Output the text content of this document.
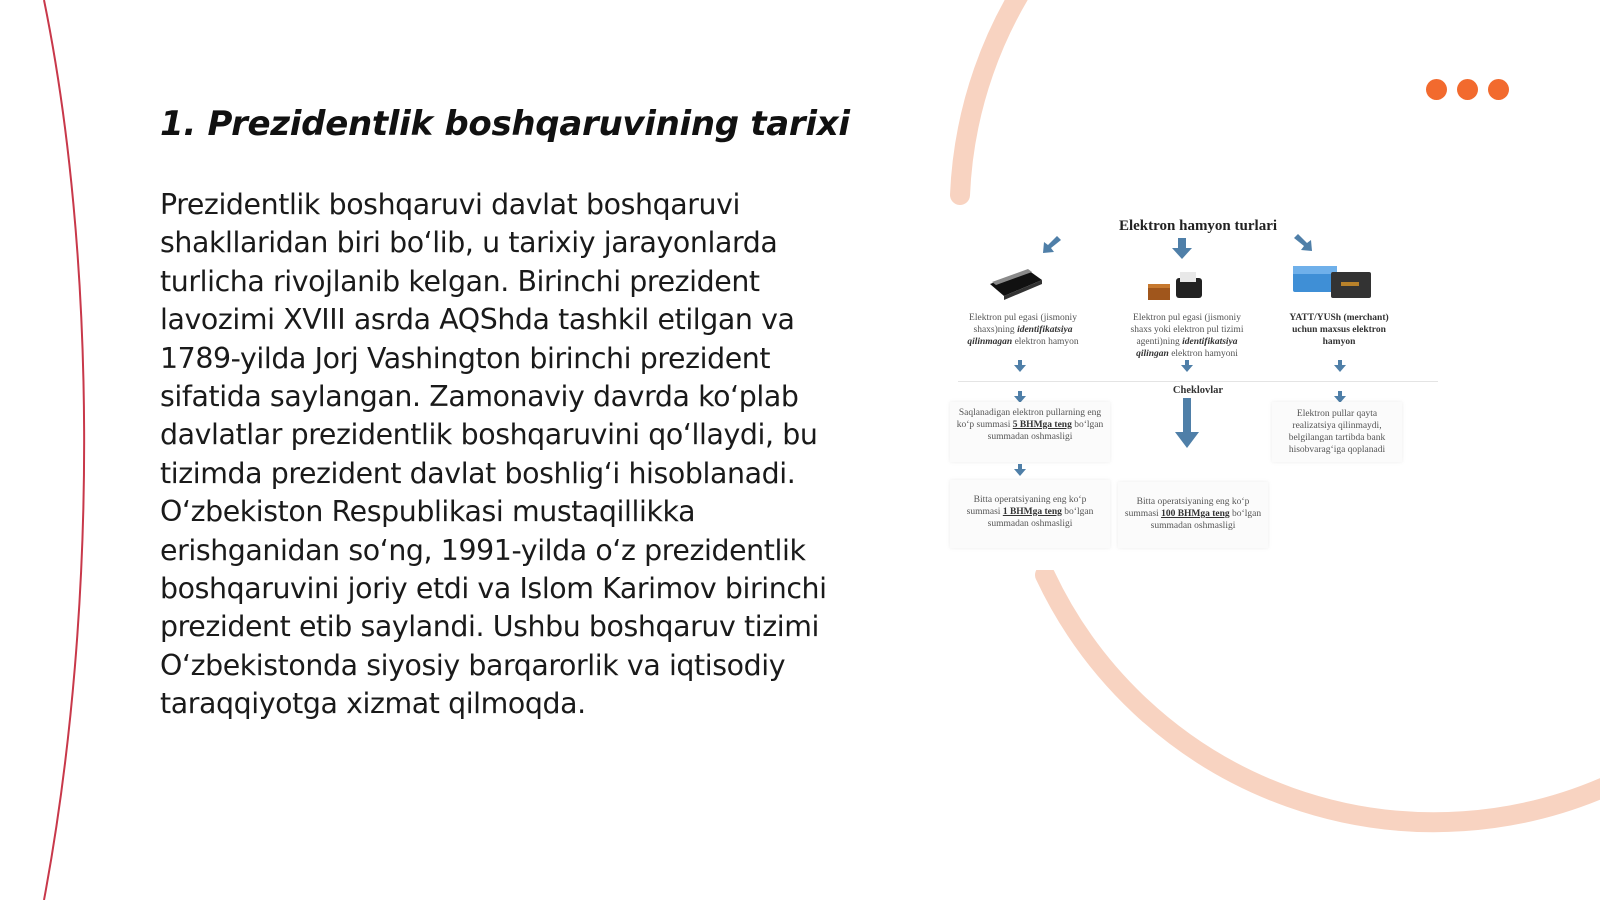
1. Prezidentlik boshqaruvining tarixi

Prezidentlik boshqaruvi davlat boshqaruvi shakllaridan biri bo‘lib, u tarixiy jarayonlarda turlicha rivojlanib kelgan. Birinchi prezident lavozimi XVIII asrda AQShda tashkil etilgan va 1789-yilda Jorj Vashington birinchi prezident sifatida saylangan. Zamonaviy davrda ko‘plab davlatlar prezidentlik boshqaruvini qo‘llaydi, bu tizimda prezident davlat boshlig‘i hisoblanadi. O‘zbekiston Respublikasi mustaqillikka erishganidan so‘ng, 1991-yilda o‘z prezidentlik boshqaruvini joriy etdi va Islom Karimov birinchi prezident etib saylandi. Ushbu boshqaruv tizimi O‘zbekistonda siyosiy barqarorlik va iqtisodiy taraqqiyotga xizmat qilmoqda.

Elektron hamyon turlari
Elektron pul egasi (jismoniy shaxs)ning identifikatsiya qilinmagan elektron hamyon
Elektron pul egasi (jismoniy shaxs yoki elektron pul tizimi agenti)ning identifikatsiya qilingan elektron hamyoni
YATT/YUSh (merchant) uchun maxsus elektron hamyon
Cheklovlar
Saqlanadigan elektron pullarning eng ko‘p summasi 5 BHMga teng bo‘lgan summadan oshmasligi
Elektron pullar qayta realizatsiya qilinmaydi, belgilangan tartibda bank hisobvarag‘iga qoplanadi
Bitta operatsiyaning eng ko‘p summasi 1 BHMga teng bo‘lgan summadan oshmasligi
Bitta operatsiyaning eng ko‘p summasi 100 BHMga teng bo‘lgan summadan oshmasligi
